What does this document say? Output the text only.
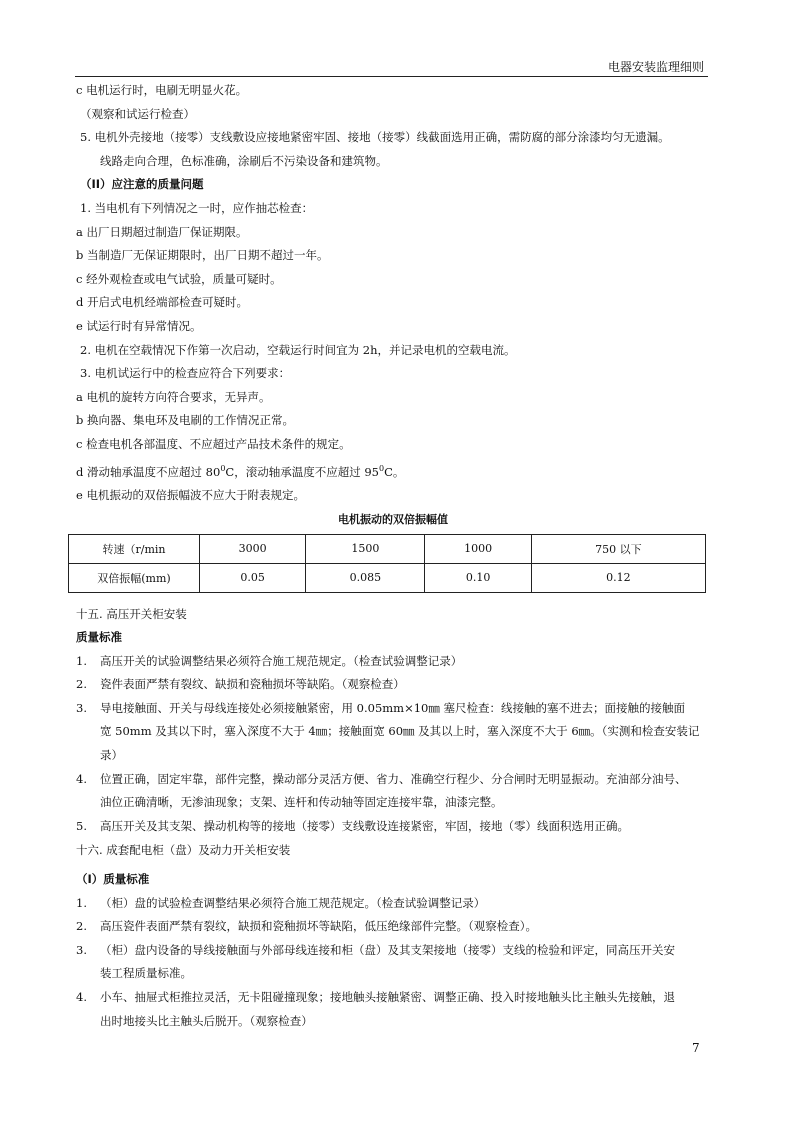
电器安装监理细则
c 电机运行时，电刷无明显火花。
（观察和试运行检查）
5. 电机外壳接地（接零）支线敷设应接地紧密牢固、接地（接零）线截面选用正确，需防腐的部分涂漆均匀无遗漏。
线路走向合理，色标准确，涂刷后不污染设备和建筑物。
（II）应注意的质量问题
1. 当电机有下列情况之一时，应作抽芯检查：
a 出厂日期超过制造厂保证期限。
b 当制造厂无保证期限时，出厂日期不超过一年。
c 经外观检查或电气试验，质量可疑时。
d 开启式电机经端部检查可疑时。
e 试运行时有异常情况。
2. 电机在空载情况下作第一次启动，空载运行时间宜为 2h，并记录电机的空载电流。
3. 电机试运行中的检查应符合下列要求：
a 电机的旋转方向符合要求，无异声。
b 换向器、集电环及电刷的工作情况正常。
c 检查电机各部温度、不应超过产品技术条件的规定。
d 滑动轴承温度不应超过 $80^0C$，滚动轴承温度不应超过 $95^0C$。
e 电机振动的双倍振幅波不应大于附表规定。
电机振动的双倍振幅值
转速（r/min	3000	1500	1000	750 以下
双倍振幅(mm)	0.05	0.085	0.10	0.12
十五. 高压开关柜安装
质量标准
1. 高压开关的试验调整结果必须符合施工规范规定。（检查试验调整记录）
2. 瓷件表面严禁有裂纹、缺损和瓷釉损坏等缺陷。（观察检查）
3. 导电接触面、开关与母线连接处必须接触紧密，用 0.05mm×10㎜ 塞尺检查：线接触的塞不进去；面接触的接触面
宽 50mm 及其以下时，塞入深度不大于 4㎜；接触面宽 60㎜ 及其以上时，塞入深度不大于 6㎜。（实测和检查安装记
录）
4. 位置正确，固定牢靠，部件完整，操动部分灵活方便、省力、准确空行程少、分合闸时无明显振动。充油部分油号、
油位正确清晰，无渗油现象；支架、连杆和传动轴等固定连接牢靠，油漆完整。
5. 高压开关及其支架、操动机构等的接地（接零）支线敷设连接紧密，牢固，接地（零）线面积选用正确。
十六. 成套配电柜（盘）及动力开关柜安装
（I）质量标准
1. （柜）盘的试验检查调整结果必须符合施工规范规定。（检查试验调整记录）
2. 高压瓷件表面严禁有裂纹，缺损和瓷釉损坏等缺陷，低压绝缘部件完整。（观察检查）。
3. （柜）盘内设备的导线接触面与外部母线连接和柜（盘）及其支架接地（接零）支线的检验和评定，同高压开关安
装工程质量标准。
4. 小车、抽屉式柜推拉灵活，无卡阻碰撞现象；接地触头接触紧密、调整正确、投入时接地触头比主触头先接触，退
出时地接头比主触头后脱开。（观察检查）
7
